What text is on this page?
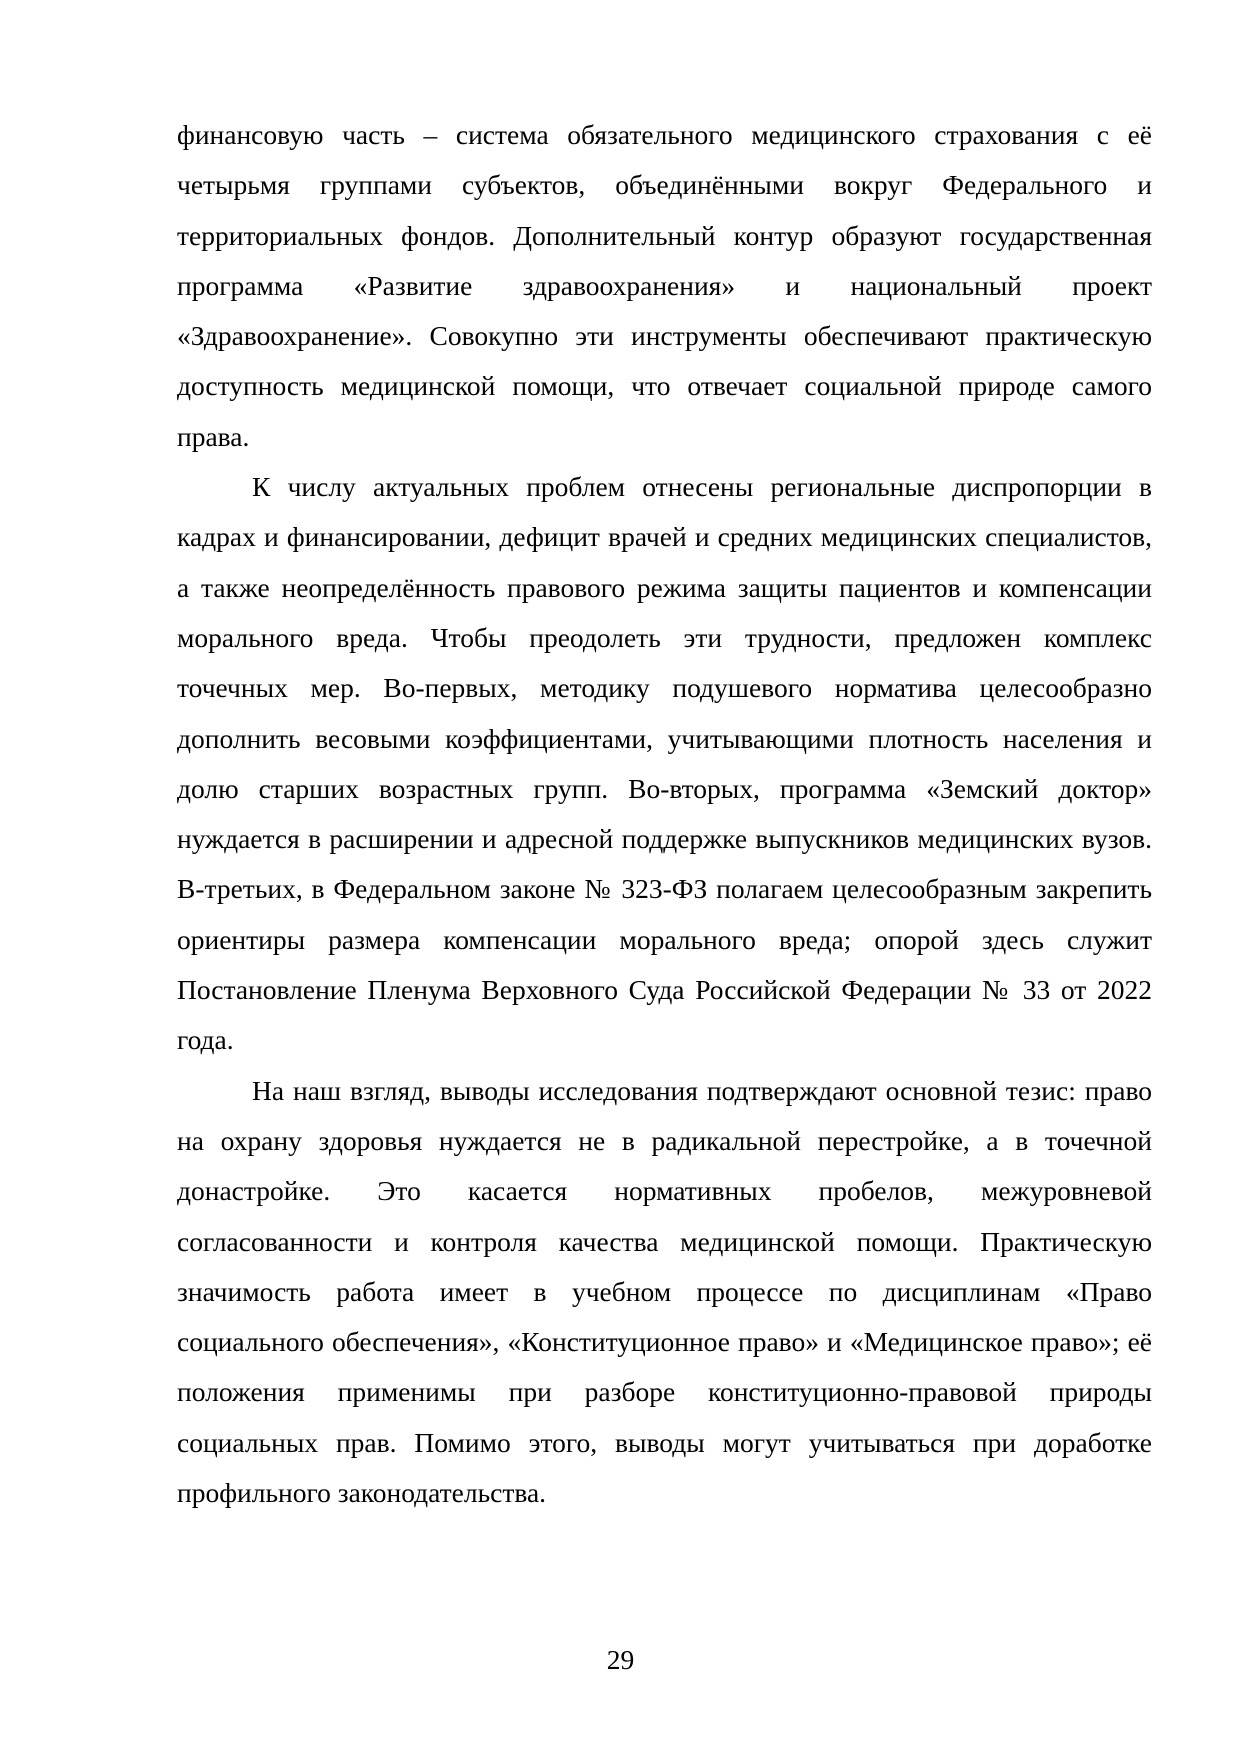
финансовую часть – система обязательного медицинского страхования с её четырьмя группами субъектов, объединёнными вокруг Федерального и территориальных фондов. Дополнительный контур образуют государственная программа «Развитие здравоохранения» и национальный проект «Здравоохранение». Совокупно эти инструменты обеспечивают практическую доступность медицинской помощи, что отвечает социальной природе самого права.

К числу актуальных проблем отнесены региональные диспропорции в кадрах и финансировании, дефицит врачей и средних медицинских специалистов, а также неопределённость правового режима защиты пациентов и компенсации морального вреда. Чтобы преодолеть эти трудности, предложен комплекс точечных мер. Во-первых, методику подушевого норматива целесообразно дополнить весовыми коэффициентами, учитывающими плотность населения и долю старших возрастных групп. Во-вторых, программа «Земский доктор» нуждается в расширении и адресной поддержке выпускников медицинских вузов. В-третьих, в Федеральном законе № 323-ФЗ полагаем целесообразным закрепить ориентиры размера компенсации морального вреда; опорой здесь служит Постановление Пленума Верховного Суда Российской Федерации № 33 от 2022 года.

На наш взгляд, выводы исследования подтверждают основной тезис: право на охрану здоровья нуждается не в радикальной перестройке, а в точечной донастройке. Это касается нормативных пробелов, межуровневой согласованности и контроля качества медицинской помощи. Практическую значимость работа имеет в учебном процессе по дисциплинам «Право социального обеспечения», «Конституционное право» и «Медицинское право»; её положения применимы при разборе конституционно-правовой природы социальных прав. Помимо этого, выводы могут учитываться при доработке профильного законодательства.

29
